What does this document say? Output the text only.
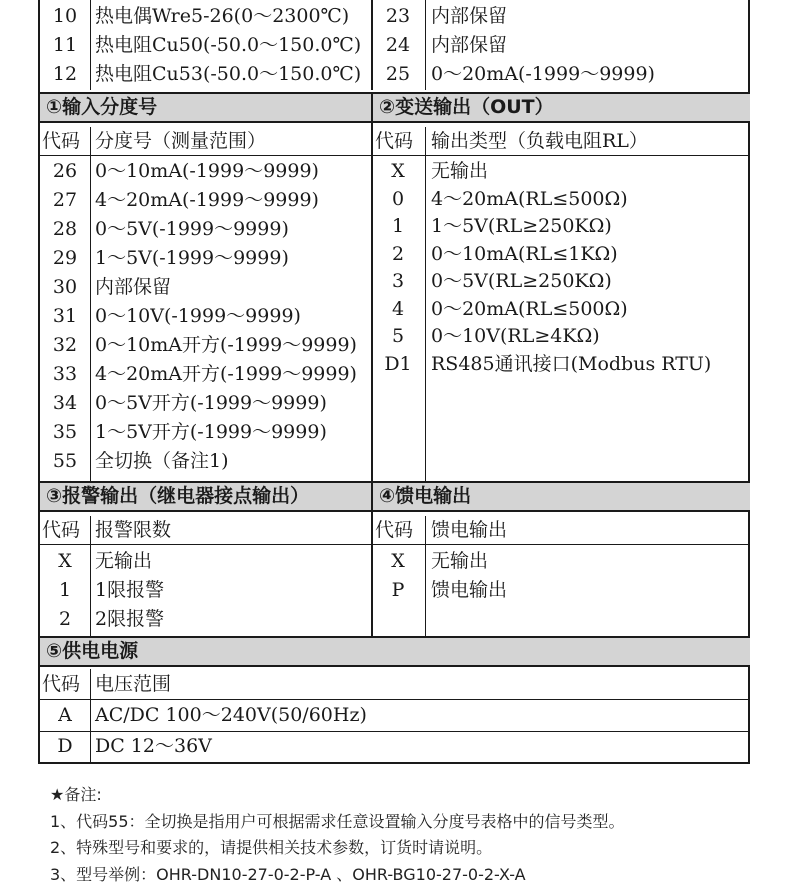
10 热电偶Wre5-26(0～2300℃)
11 热电阻Cu50(-50.0～150.0℃)
12 热电阻Cu53(-50.0～150.0℃)
23	内部保留
24	内部保留
25	0～20mA(-1999～9999)
①输入分度号	②变送输出（OUT）
代码 分度号（测量范围）	代码 输出类型（负载电阻RL）
26 0～10mA(-1999～9999)
27 4～20mA(-1999～9999)
28 0～5V(-1999～9999)
29 1～5V(-1999～9999)
30 内部保留
31 0～10V(-1999～9999)
32 0～10mA开方(-1999～9999)
33 4～20mA开方(-1999～9999)
34 0～5V开方(-1999～9999)
35 1～5V开方(-1999～9999)
55 全切换（备注1)
X	无输出
0	4～20mA(RL≤500Ω)
1	1～5V(RL≥250KΩ)
2	0～10mA(RL≤1KΩ)
3	0～5V(RL≥250KΩ)
4	0～20mA(RL≤500Ω)
5	0～10V(RL≥4KΩ)
D1	RS485通讯接口(Modbus RTU)
③报警输出（继电器接点输出）	④馈电输出
代码 报警限数	代码 馈电输出
X	无输出
1	1限报警
2	2限报警
X	无输出
P	馈电输出
⑤供电电源
代码 电压范围
A	AC/DC 100～240V(50/60Hz)
D	DC 12～36V
★备注:
1、代码55：全切换是指用户可根据需求任意设置输入分度号表格中的信号类型。
2、特殊型号和要求的，请提供相关技术参数，订货时请说明。
3、型号举例：OHR-DN10-27-0-2-P-A 、OHR-BG10-27-0-2-X-A
